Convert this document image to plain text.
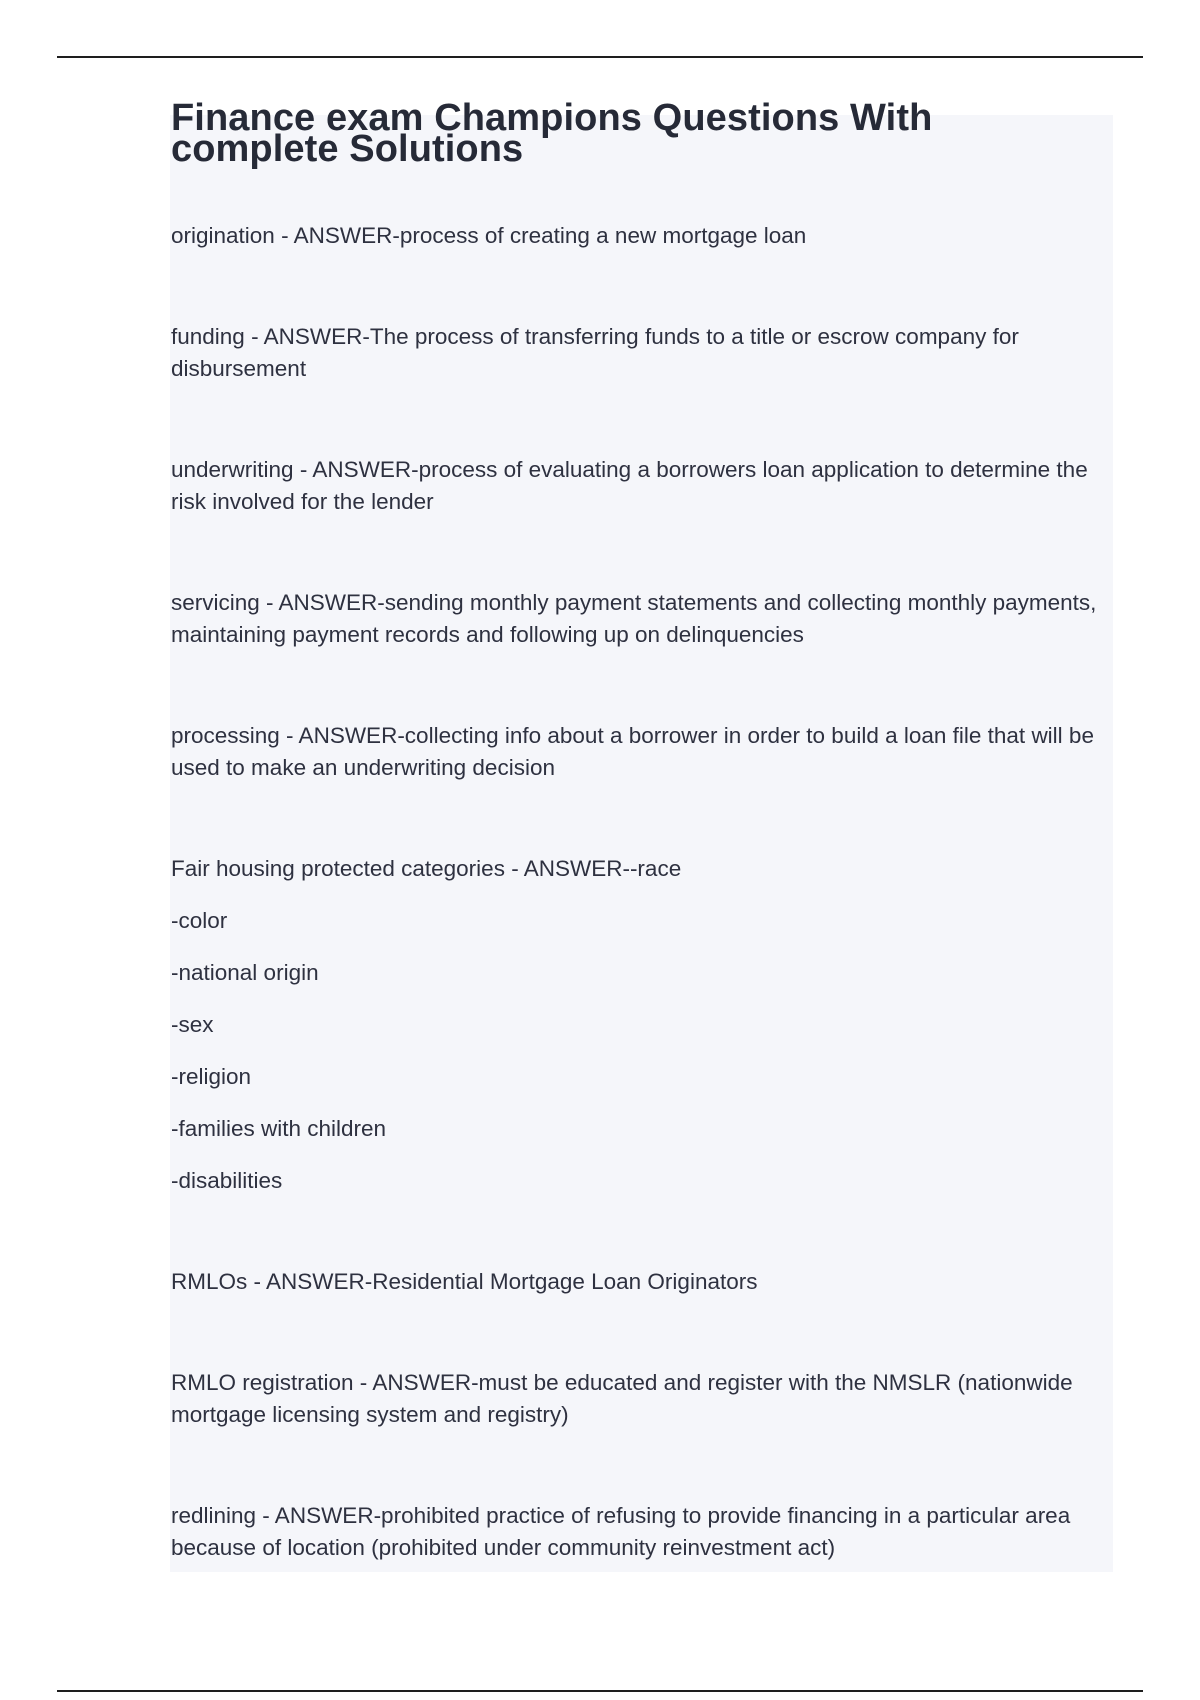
Finance exam Champions Questions With
complete Solutions

origination - ANSWER-process of creating a new mortgage loan

funding - ANSWER-The process of transferring funds to a title or escrow company for disbursement

underwriting - ANSWER-process of evaluating a borrowers loan application to determine the risk involved for the lender

servicing - ANSWER-sending monthly payment statements and collecting monthly payments, maintaining payment records and following up on delinquencies

processing - ANSWER-collecting info about a borrower in order to build a loan file that will be used to make an underwriting decision

Fair housing protected categories - ANSWER--race

-color

-national origin

-sex

-religion

-families with children

-disabilities

RMLOs - ANSWER-Residential Mortgage Loan Originators

RMLO registration - ANSWER-must be educated and register with the NMSLR (nationwide mortgage licensing system and registry)

redlining - ANSWER-prohibited practice of refusing to provide financing in a particular area because of location (prohibited under community reinvestment act)
